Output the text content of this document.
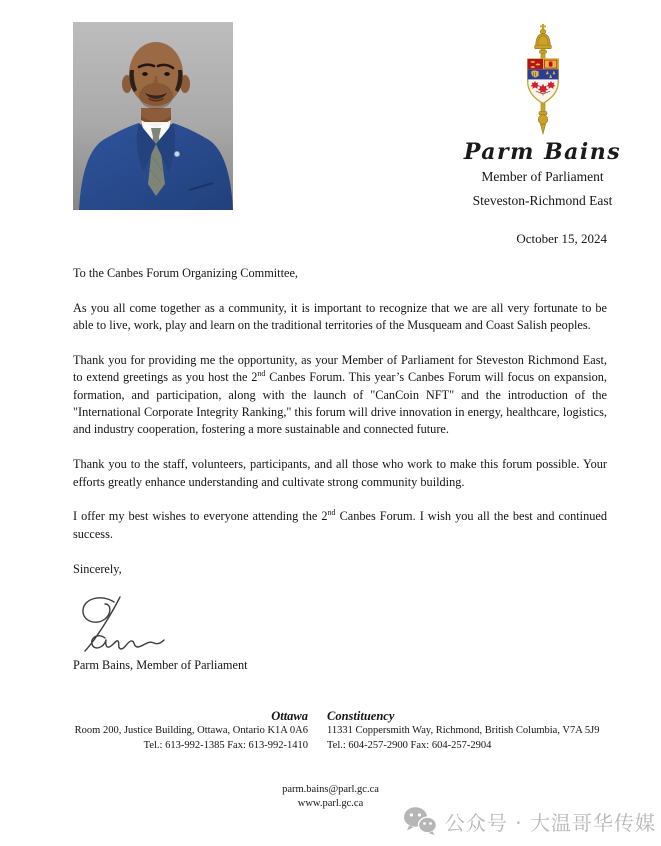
Parm Bains
Member of Parliament
Steveston-Richmond East

October 15, 2024

To the Canbes Forum Organizing Committee,

As you all come together as a community, it is important to recognize that we are all very fortunate to be able to live, work, play and learn on the traditional territories of the Musqueam and Coast Salish peoples.

Thank you for providing me the opportunity, as your Member of Parliament for Steveston Richmond East, to extend greetings as you host the 2nd Canbes Forum. This year’s Canbes Forum will focus on expansion, formation, and participation, along with the launch of "CanCoin NFT" and the introduction of the "International Corporate Integrity Ranking," this forum will drive innovation in energy, healthcare, logistics, and industry cooperation, fostering a more sustainable and connected future.

Thank you to the staff, volunteers, participants, and all those who work to make this forum possible. Your efforts greatly enhance understanding and cultivate strong community building.

I offer my best wishes to everyone attending the 2nd Canbes Forum. I wish you all the best and continued success.

Sincerely,

Parm Bains, Member of Parliament

Ottawa
Room 200, Justice Building, Ottawa, Ontario K1A 0A6
Tel.: 613-992-1385 Fax: 613-992-1410
Constituency
11331 Coppersmith Way, Richmond, British Columbia, V7A 5J9
Tel.: 604-257-2900 Fax: 604-257-2904
parm.bains@parl.gc.ca
www.parl.gc.ca
公众号 · 大温哥华传媒
